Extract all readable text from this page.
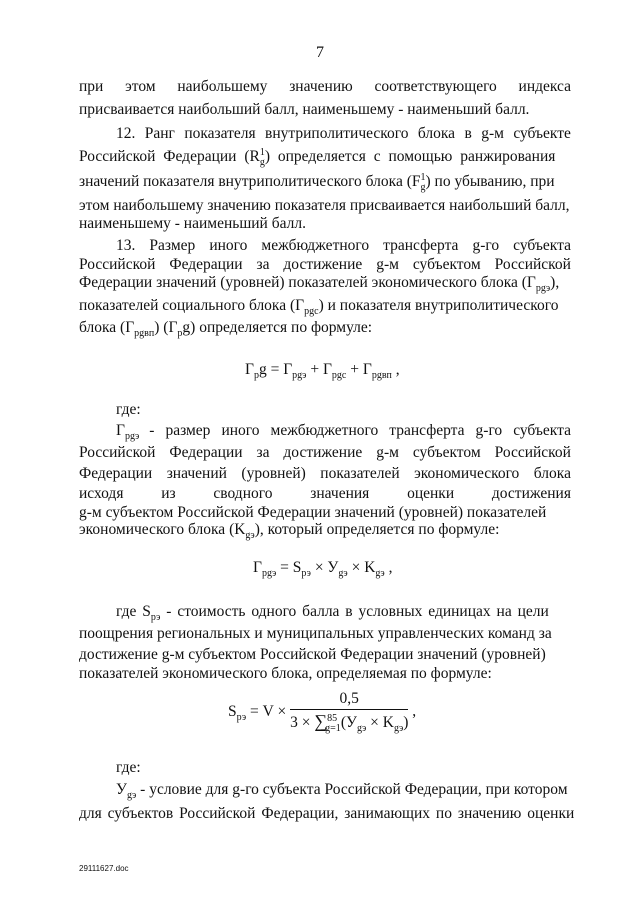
7
при этом наибольшему значению соответствующего индекса
присваивается наибольший балл, наименьшему - наименьший балл.
12. Ранг показателя внутриполитического блока в g-м субъекте
Российской Федерации $(R^1_g)$ определяется с помощью ранжирования
значений показателя внутриполитического блока $(F^1_g)$ по убыванию, при
этом наибольшему значению показателя присваивается наибольший балл,
наименьшему - наименьший балл.
13. Размер иного межбюджетного трансферта g-го субъекта
Российской Федерации за достижение g-м субъектом Российской
Федерации значений (уровней) показателей экономического блока $(Г_{pgэ})$,
показателей социального блока $(Г_{pgc})$ и показателя внутриполитического
блока $(Г_{pgвп})$ $(Г_pg)$ определяется по формуле:
$Г_pg = Г_{pgэ} + Г_{pgc} + Г_{pgвп}$ ,
где:
$Г_{pgэ}$ - размер иного межбюджетного трансферта g-го субъекта
Российской Федерации за достижение g-м субъектом Российской
Федерации значений (уровней) показателей экономического блока
исходя из сводного значения оценки достижения
g-м субъектом Российской Федерации значений (уровней) показателей
экономического блока $(K_{gэ})$, который определяется по формуле:
$Г_{pgэ} = S_{рэ} \times У_{gэ} \times K_{gэ}$ ,
где $S_{рэ}$ - стоимость одного балла в условных единицах на цели
поощрения региональных и муниципальных управленческих команд за
достижение g-м субъектом Российской Федерации значений (уровней)
показателей экономического блока, определяемая по формуле:
$S_{рэ} = V \times \frac{0,5}{3 \times \sum^{85}_{g=1}(У_{gэ} \times K_{gэ})}$ ,
где:
$У_{gэ}$ - условие для g-го субъекта Российской Федерации, при котором
для субъектов Российской Федерации, занимающих по значению оценки
29111627.doc
